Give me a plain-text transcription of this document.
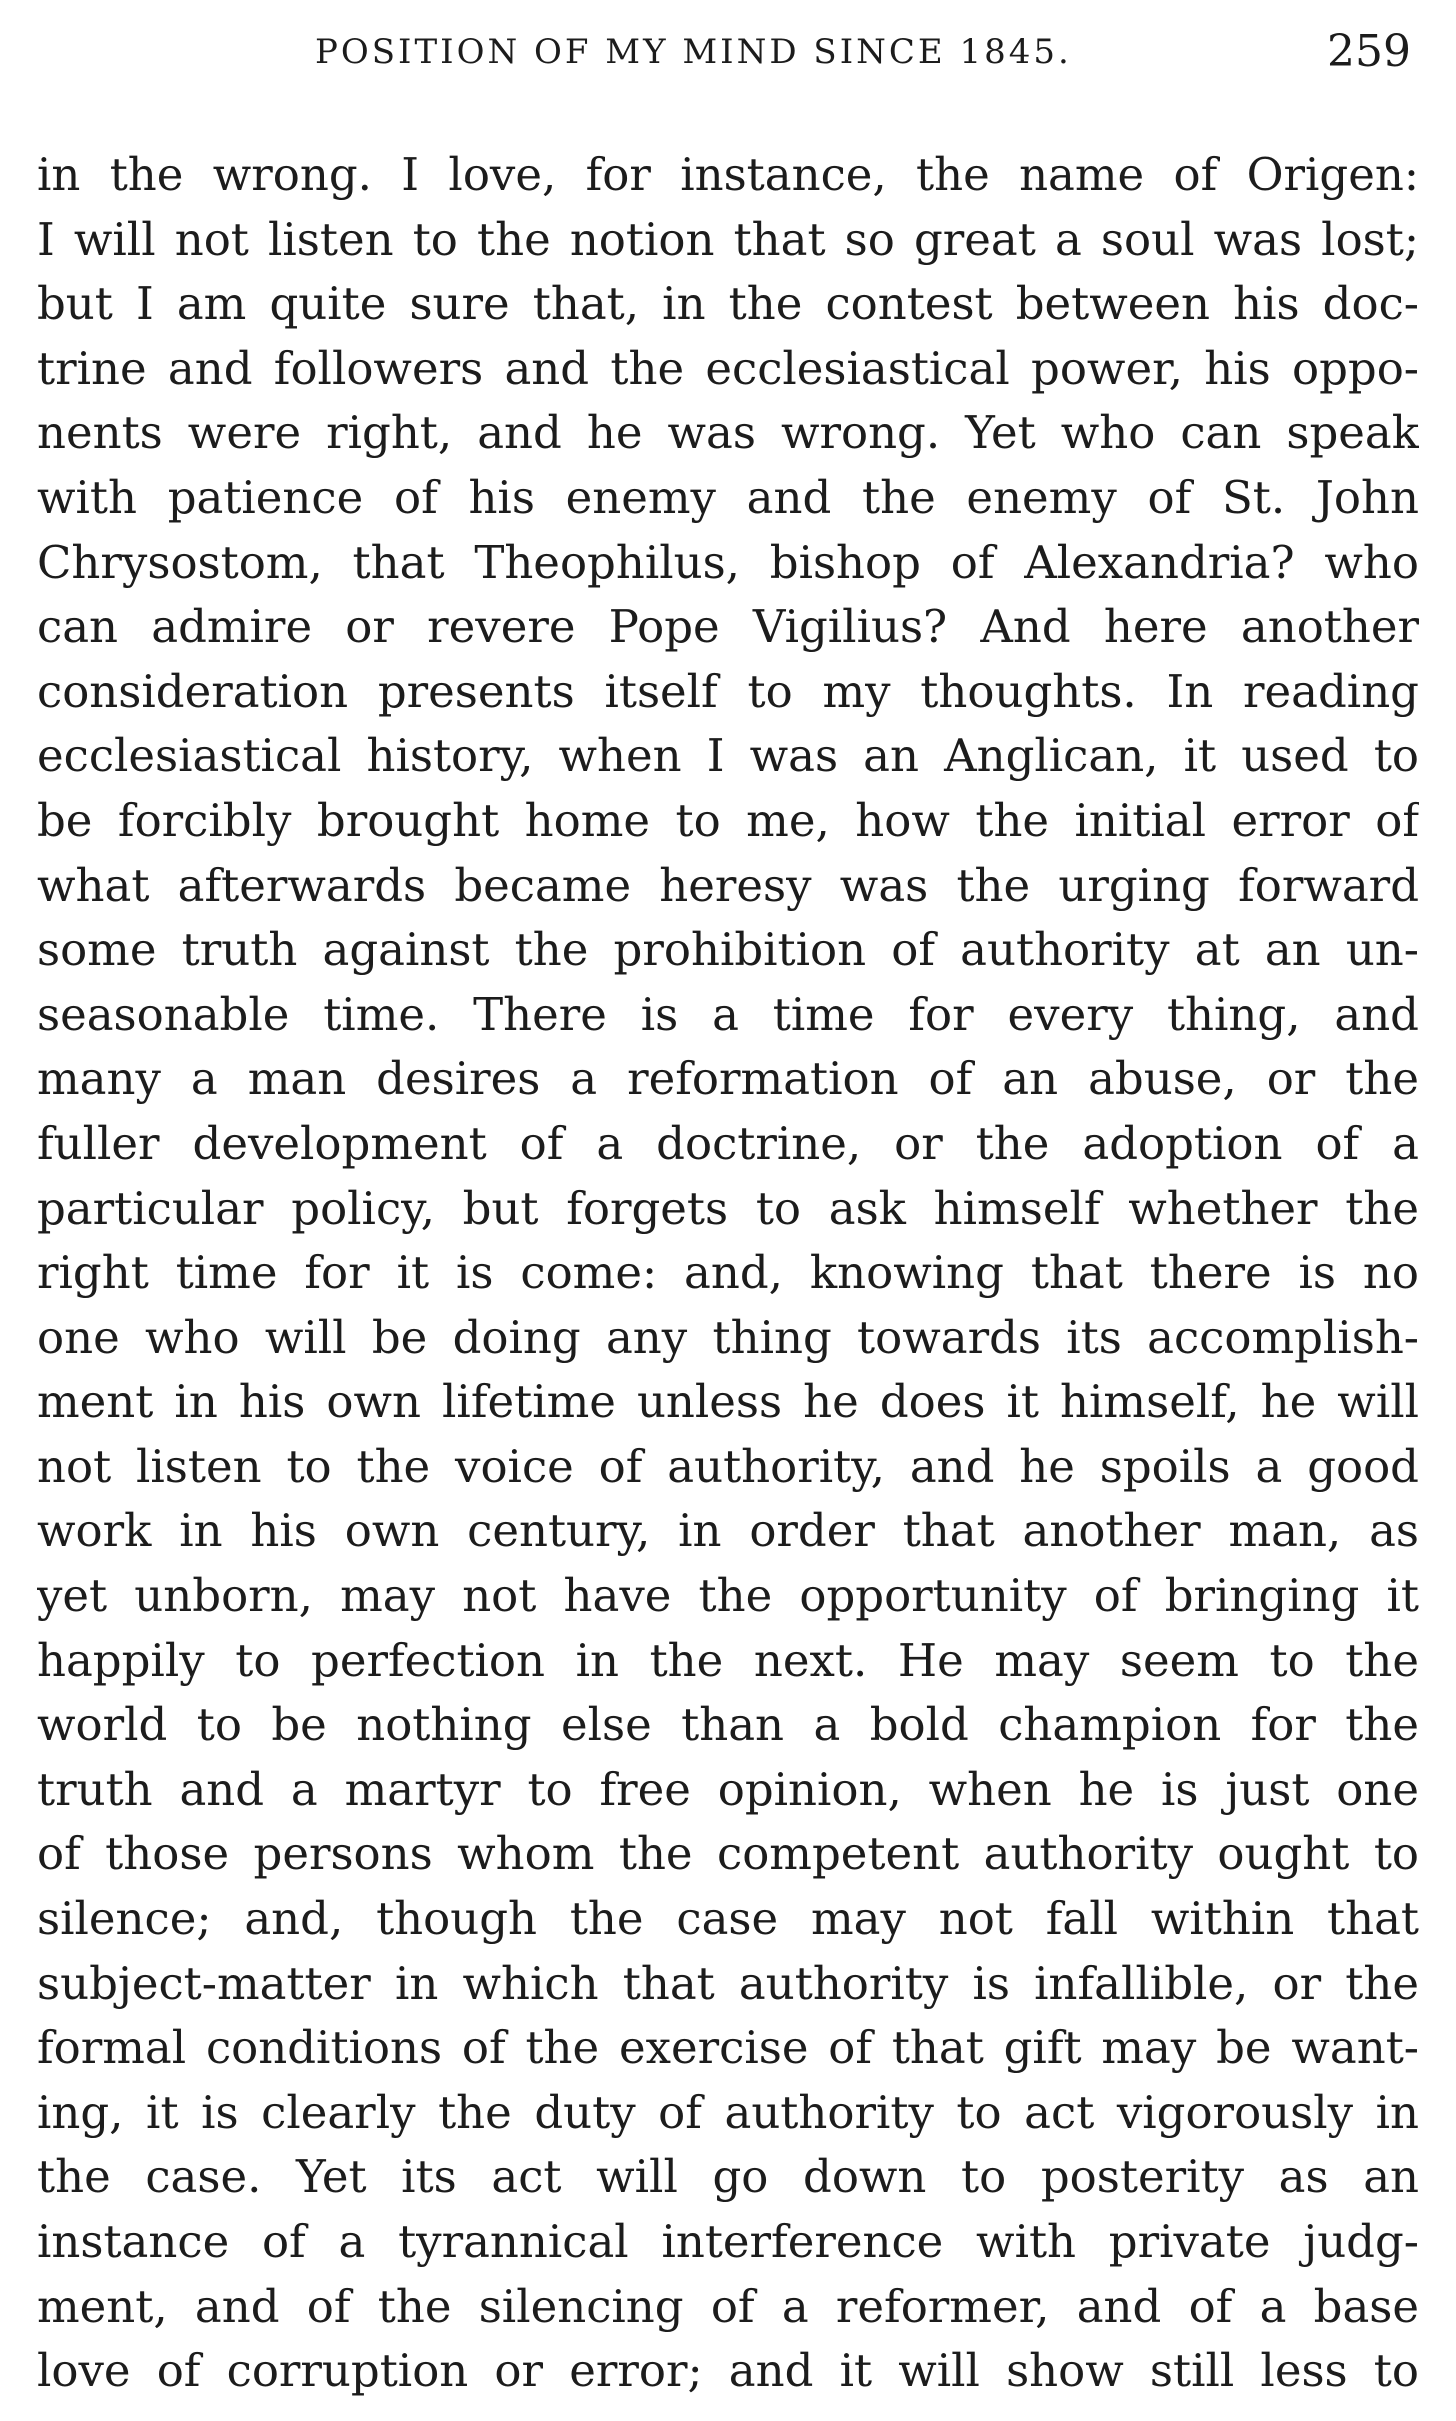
POSITION OF MY MIND SINCE 1845.	259
in the wrong. I love, for instance, the name of Origen:
I will not listen to the notion that so great a soul was lost;
but I am quite sure that, in the contest between his doc-
trine and followers and the ecclesiastical power, his oppo-
nents were right, and he was wrong. Yet who can speak
with patience of his enemy and the enemy of St. John
Chrysostom, that Theophilus, bishop of Alexandria? who
can admire or revere Pope Vigilius? And here another
consideration presents itself to my thoughts. In reading
ecclesiastical history, when I was an Anglican, it used to
be forcibly brought home to me, how the initial error of
what afterwards became heresy was the urging forward
some truth against the prohibition of authority at an un-
seasonable time. There is a time for every thing, and
many a man desires a reformation of an abuse, or the
fuller development of a doctrine, or the adoption of a
particular policy, but forgets to ask himself whether the
right time for it is come: and, knowing that there is no
one who will be doing any thing towards its accomplish-
ment in his own lifetime unless he does it himself, he will
not listen to the voice of authority, and he spoils a good
work in his own century, in order that another man, as
yet unborn, may not have the opportunity of bringing it
happily to perfection in the next. He may seem to the
world to be nothing else than a bold champion for the
truth and a martyr to free opinion, when he is just one
of those persons whom the competent authority ought to
silence; and, though the case may not fall within that
subject-matter in which that authority is infallible, or the
formal conditions of the exercise of that gift may be want-
ing, it is clearly the duty of authority to act vigorously in
the case. Yet its act will go down to posterity as an
instance of a tyrannical interference with private judg-
ment, and of the silencing of a reformer, and of a base
love of corruption or error; and it will show still less to
